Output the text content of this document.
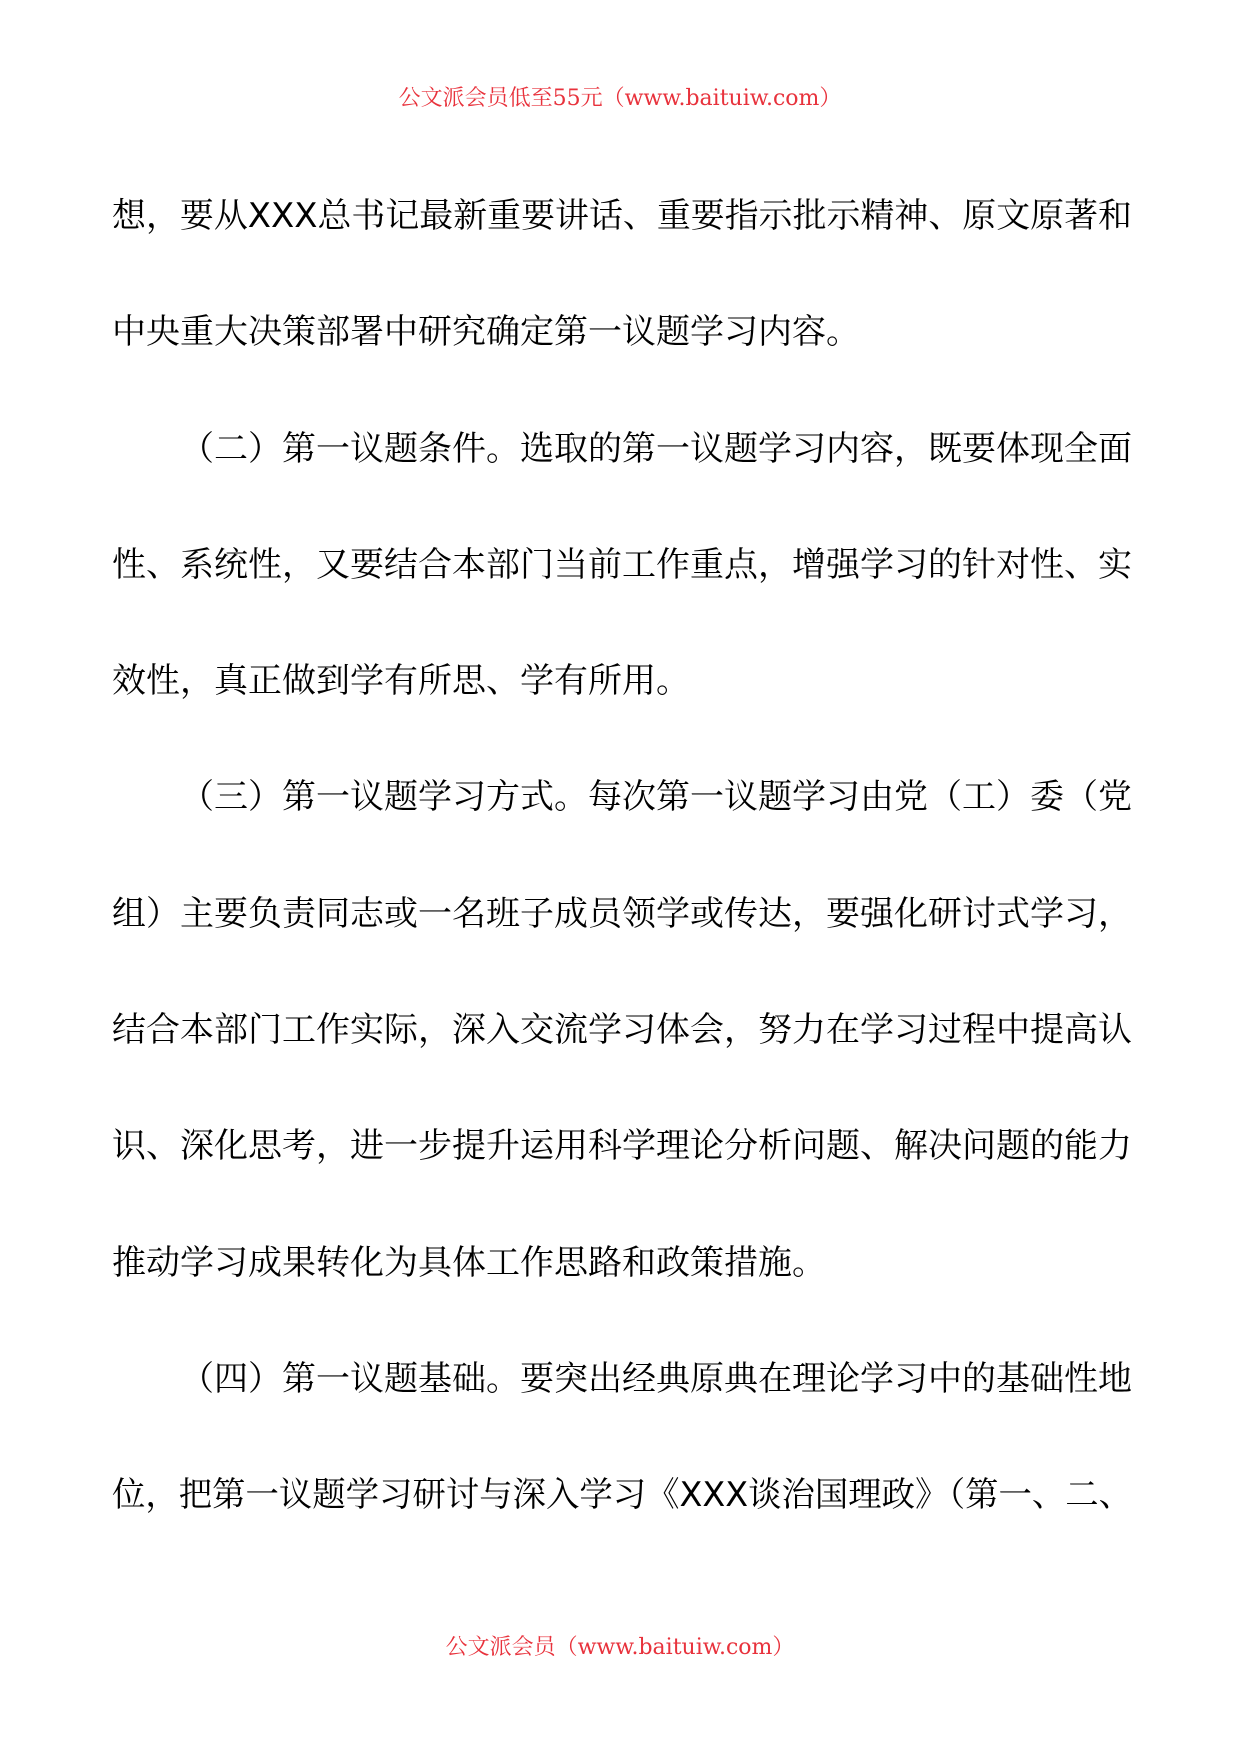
公文派会员低至55元（www.baituiw.com）
想，要从XXX总书记最新重要讲话、重要指示批示精神、原文原著和
中央重大决策部署中研究确定第一议题学习内容。
（二）第一议题条件。选取的第一议题学习内容，既要体现全面
性、系统性，又要结合本部门当前工作重点，增强学习的针对性、实
效性，真正做到学有所思、学有所用。
（三）第一议题学习方式。每次第一议题学习由党（工）委（党
组）主要负责同志或一名班子成员领学或传达，要强化研讨式学习，
结合本部门工作实际，深入交流学习体会，努力在学习过程中提高认
识、深化思考，进一步提升运用科学理论分析问题、解决问题的能力
推动学习成果转化为具体工作思路和政策措施。
（四）第一议题基础。要突出经典原典在理论学习中的基础性地
位，把第一议题学习研讨与深入学习《XXX谈治国理政》（第一、二、
公文派会员（www.baituiw.com）
